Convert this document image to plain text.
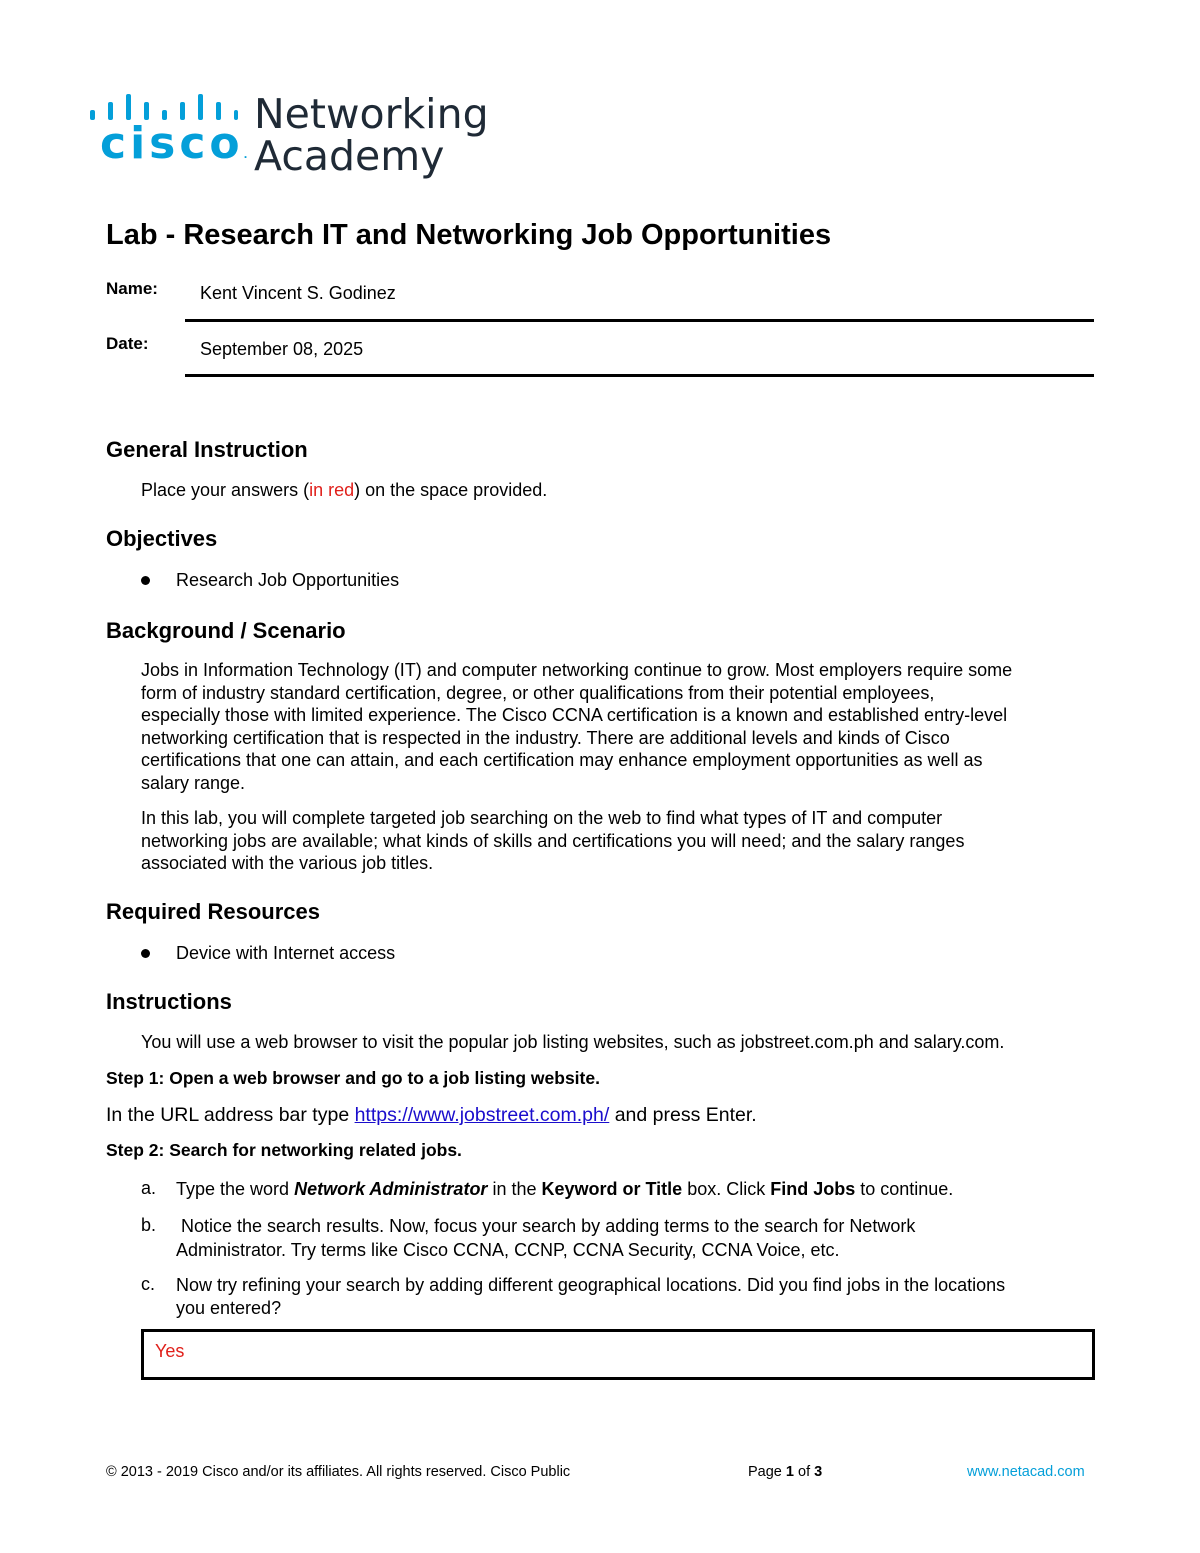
cisco.
Networking
Academy
Lab - Research IT and Networking Job Opportunities
Name: Kent Vincent S. Godinez
Date:	September 08, 2025
General Instruction
Place your answers (in red) on the space provided.
Objectives
Research Job Opportunities
Background / Scenario
Jobs in Information Technology (IT) and computer networking continue to grow. Most employers require some
form of industry standard certification, degree, or other qualifications from their potential employees,
especially those with limited experience. The Cisco CCNA certification is a known and established entry-level
networking certification that is respected in the industry. There are additional levels and kinds of Cisco
certifications that one can attain, and each certification may enhance employment opportunities as well as
salary range.
In this lab, you will complete targeted job searching on the web to find what types of IT and computer
networking jobs are available; what kinds of skills and certifications you will need; and the salary ranges
associated with the various job titles.
Required Resources
Device with Internet access
Instructions
You will use a web browser to visit the popular job listing websites, such as jobstreet.com.ph and salary.com.
Step 1: Open a web browser and go to a job listing website.
In the URL address bar type https://www.jobstreet.com.ph/ and press Enter.
Step 2: Search for networking related jobs.
a. Type the word Network Administrator in the Keyword or Title box. Click Find Jobs to continue.
b. Notice the search results. Now, focus your search by adding terms to the search for Network
Administrator. Try terms like Cisco CCNA, CCNP, CCNA Security, CCNA Voice, etc.
c. Now try refining your search by adding different geographical locations. Did you find jobs in the locations
you entered?
Yes
© 2013 - 2019 Cisco and/or its affiliates. All rights reserved. Cisco Public	Page 1 of 3	www.netacad.com
